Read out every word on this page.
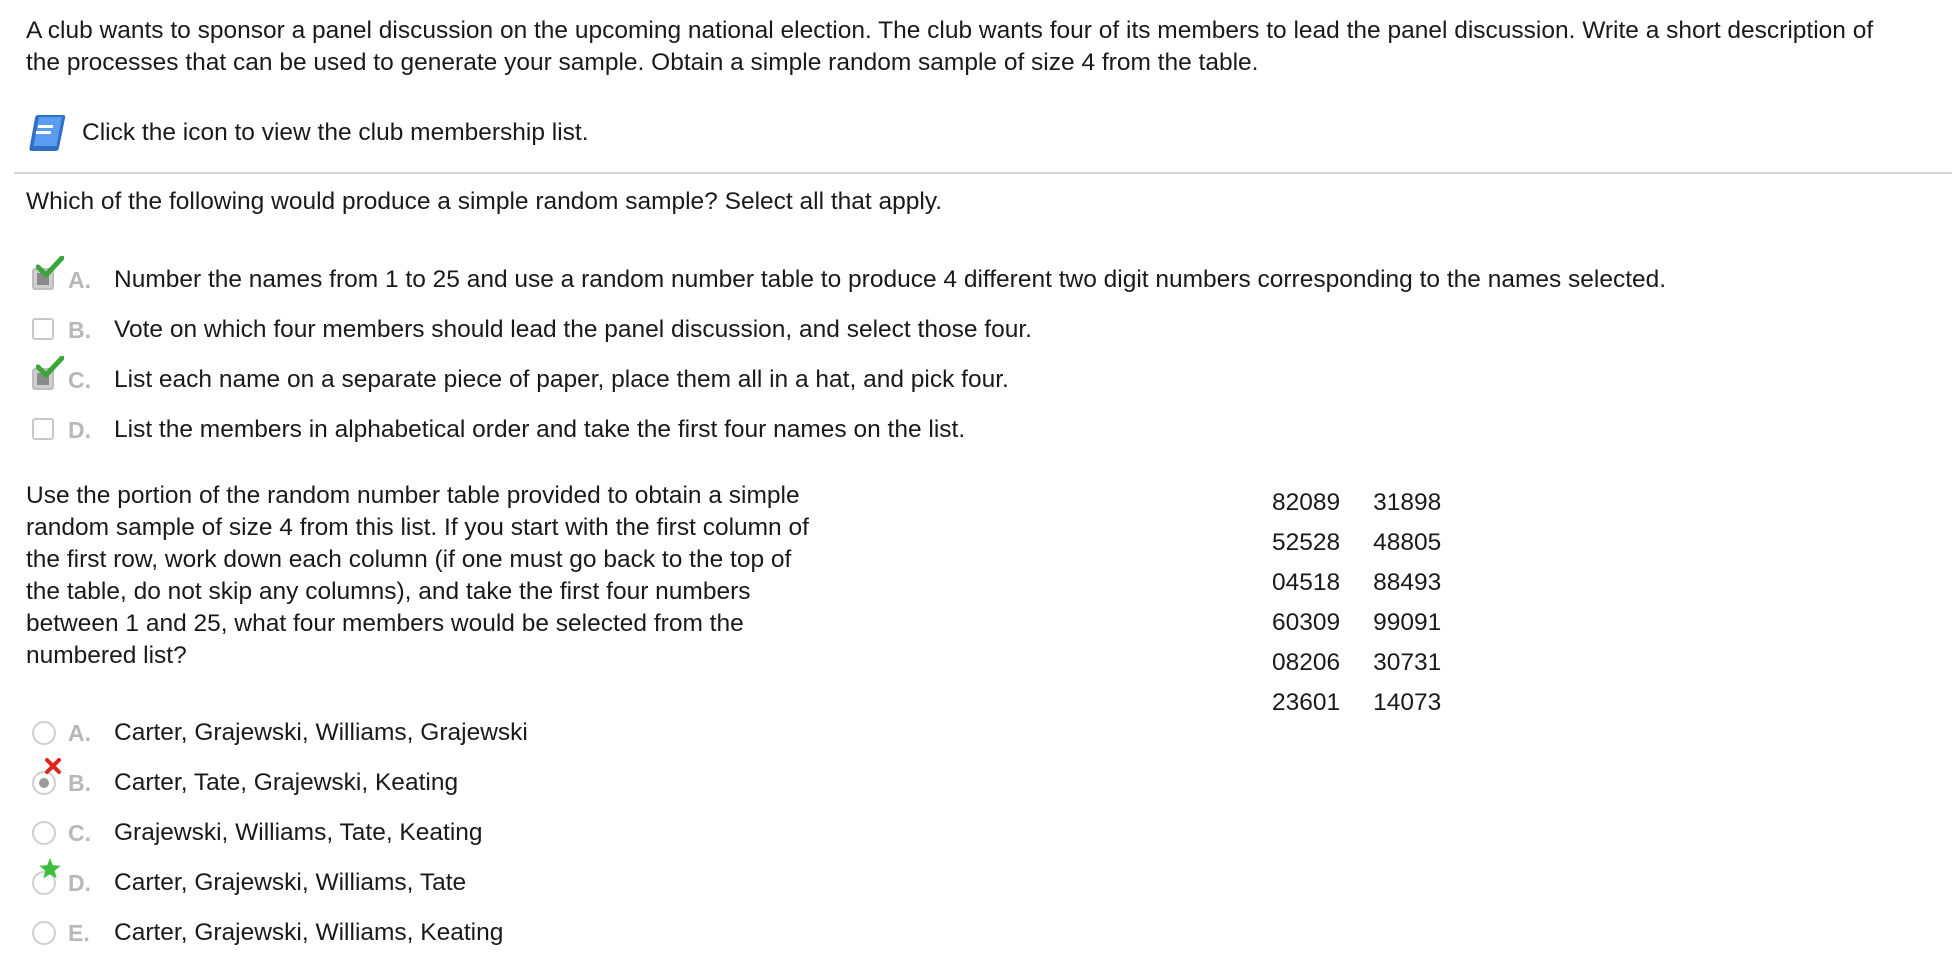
A club wants to sponsor a panel discussion on the upcoming national election. The club wants four of its members to lead the panel discussion. Write a short description of the processes that can be used to generate your sample. Obtain a simple random sample of size 4 from the table.

Click the icon to view the club membership list.

Which of the following would produce a simple random sample? Select all that apply.

A. Number the names from 1 to 25 and use a random number table to produce 4 different two digit numbers corresponding to the names selected.
B. Vote on which four members should lead the panel discussion, and select those four.
C. List each name on a separate piece of paper, place them all in a hat, and pick four.
D. List the members in alphabetical order and take the first four names on the list.

Use the portion of the random number table provided to obtain a simple random sample of size 4 from this list. If you start with the first column of the first row, work down each column (if one must go back to the top of the table, do not skip any columns), and take the first four numbers between 1 and 25, what four members would be selected from the numbered list?

82089	31898
52528	48805
04518	88493
60309	99091
08206	30731
23601	14073
A. Carter, Grajewski, Williams, Grajewski
B. Carter, Tate, Grajewski, Keating
C. Grajewski, Williams, Tate, Keating
D. Carter, Grajewski, Williams, Tate
E. Carter, Grajewski, Williams, Keating
